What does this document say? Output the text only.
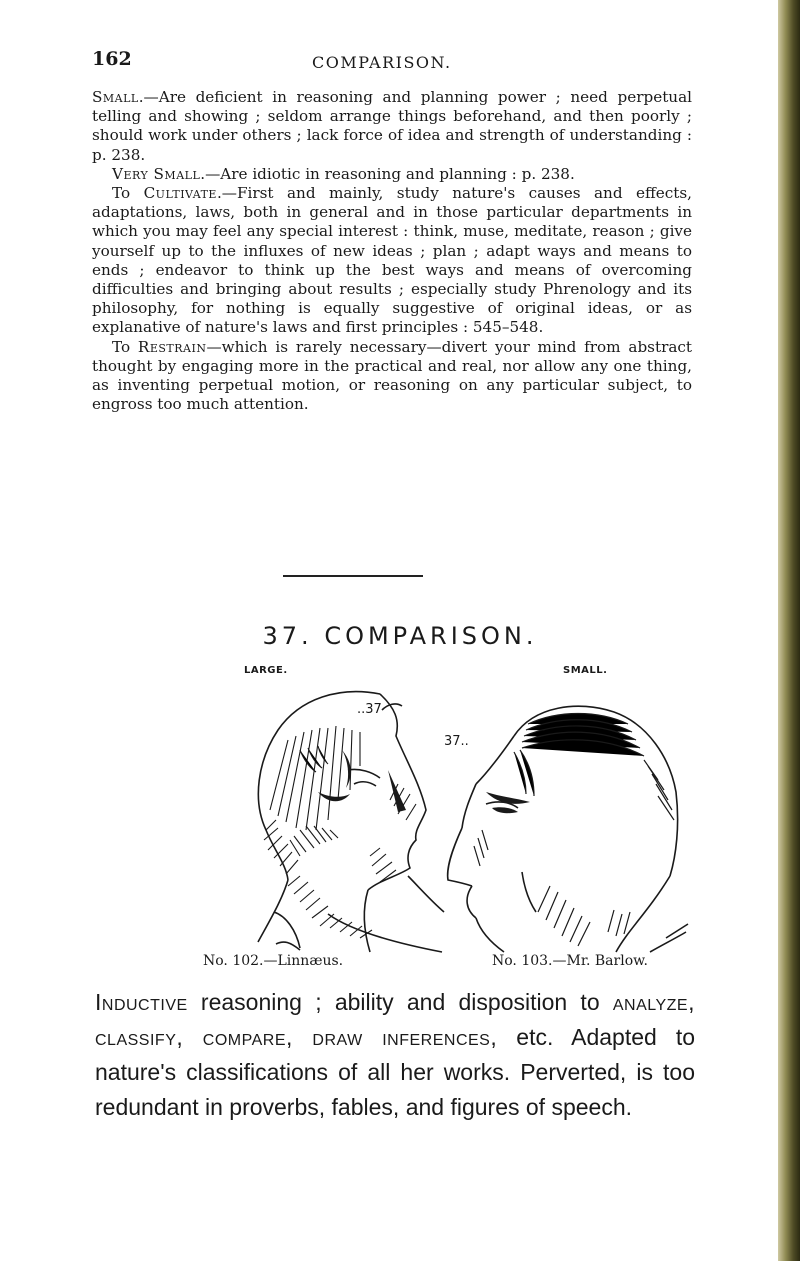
162	COMPARISON.

Small.—Are deficient in reasoning and planning power ; need perpetual telling and showing ; seldom arrange things beforehand, and then poorly ; should work under others ; lack force of idea and strength of understanding : p. 238.

Very Small.—Are idiotic in reasoning and planning : p. 238.

To Cultivate.—First and mainly, study nature's causes and effects, adaptations, laws, both in general and in those particular departments in which you may feel any special interest : think, muse, meditate, reason ; give yourself up to the influxes of new ideas ; plan ; adapt ways and means to ends ; endeavor to think up the best ways and means of overcoming difficulties and bringing about results ; especially study Phrenology and its philosophy, for nothing is equally suggestive of original ideas, or as explanative of nature's laws and first principles : 545–548.

To Restrain—which is rarely necessary—divert your mind from abstract thought by engaging more in the practical and real, nor allow any one thing, as inventing perpetual motion, or reasoning on any particular subject, to engross too much attention.

37. COMPARISON.
LARGE.	SMALL.
..37
37..
No. 102.—Linnæus.	No. 103.—Mr. Barlow.
Inductive reasoning ; ability and disposition to analyze, classify, compare, draw inferences, etc. Adapted to nature's classifications of all her works. Perverted, is too redundant in proverbs, fables, and figures of speech.
